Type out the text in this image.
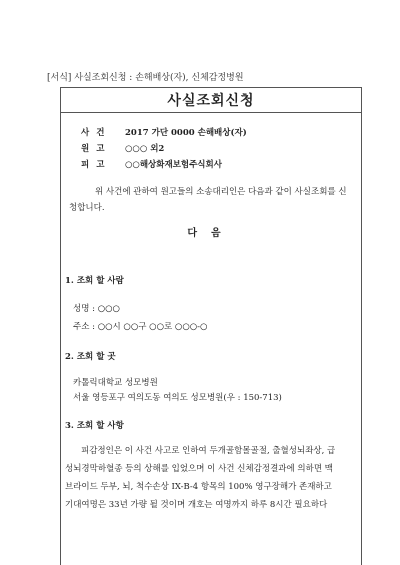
[서식] 사실조회신청 : 손해배상(자), 신체감정병원
사실조회신청
사건 2017 가단 0000 손해배상(자)
원고 ○○○ 외2
피고 ○○해상화재보험주식회사
위 사건에 관하여 원고들의 소송대리인은 다음과 같이 사실조회를 신청합니다.
다음
1. 조회 할 사람
성명 : ○○○
주소 : ○○시 ○○구 ○○로 ○○○-○
2. 조회 할 곳
카톨릭대학교 성모병원
서울 영등포구 여의도동 여의도 성모병원(우 : 150-713)
3. 조회 할 사항
피감정인은 이 사건 사고로 인하여 두개골함몰골절, 출혈성뇌좌상, 급
성뇌경막하혈종 등의 상해를 입었으며 이 사건 신체감정결과에 의하면 맥
브라이드 두부, 뇌, 척수손상 IX-B-4 항목의 100% 영구장해가 존재하고
기대여명은 33년 가량 될 것이며 개호는 여명까지 하루 8시간 필요하다
